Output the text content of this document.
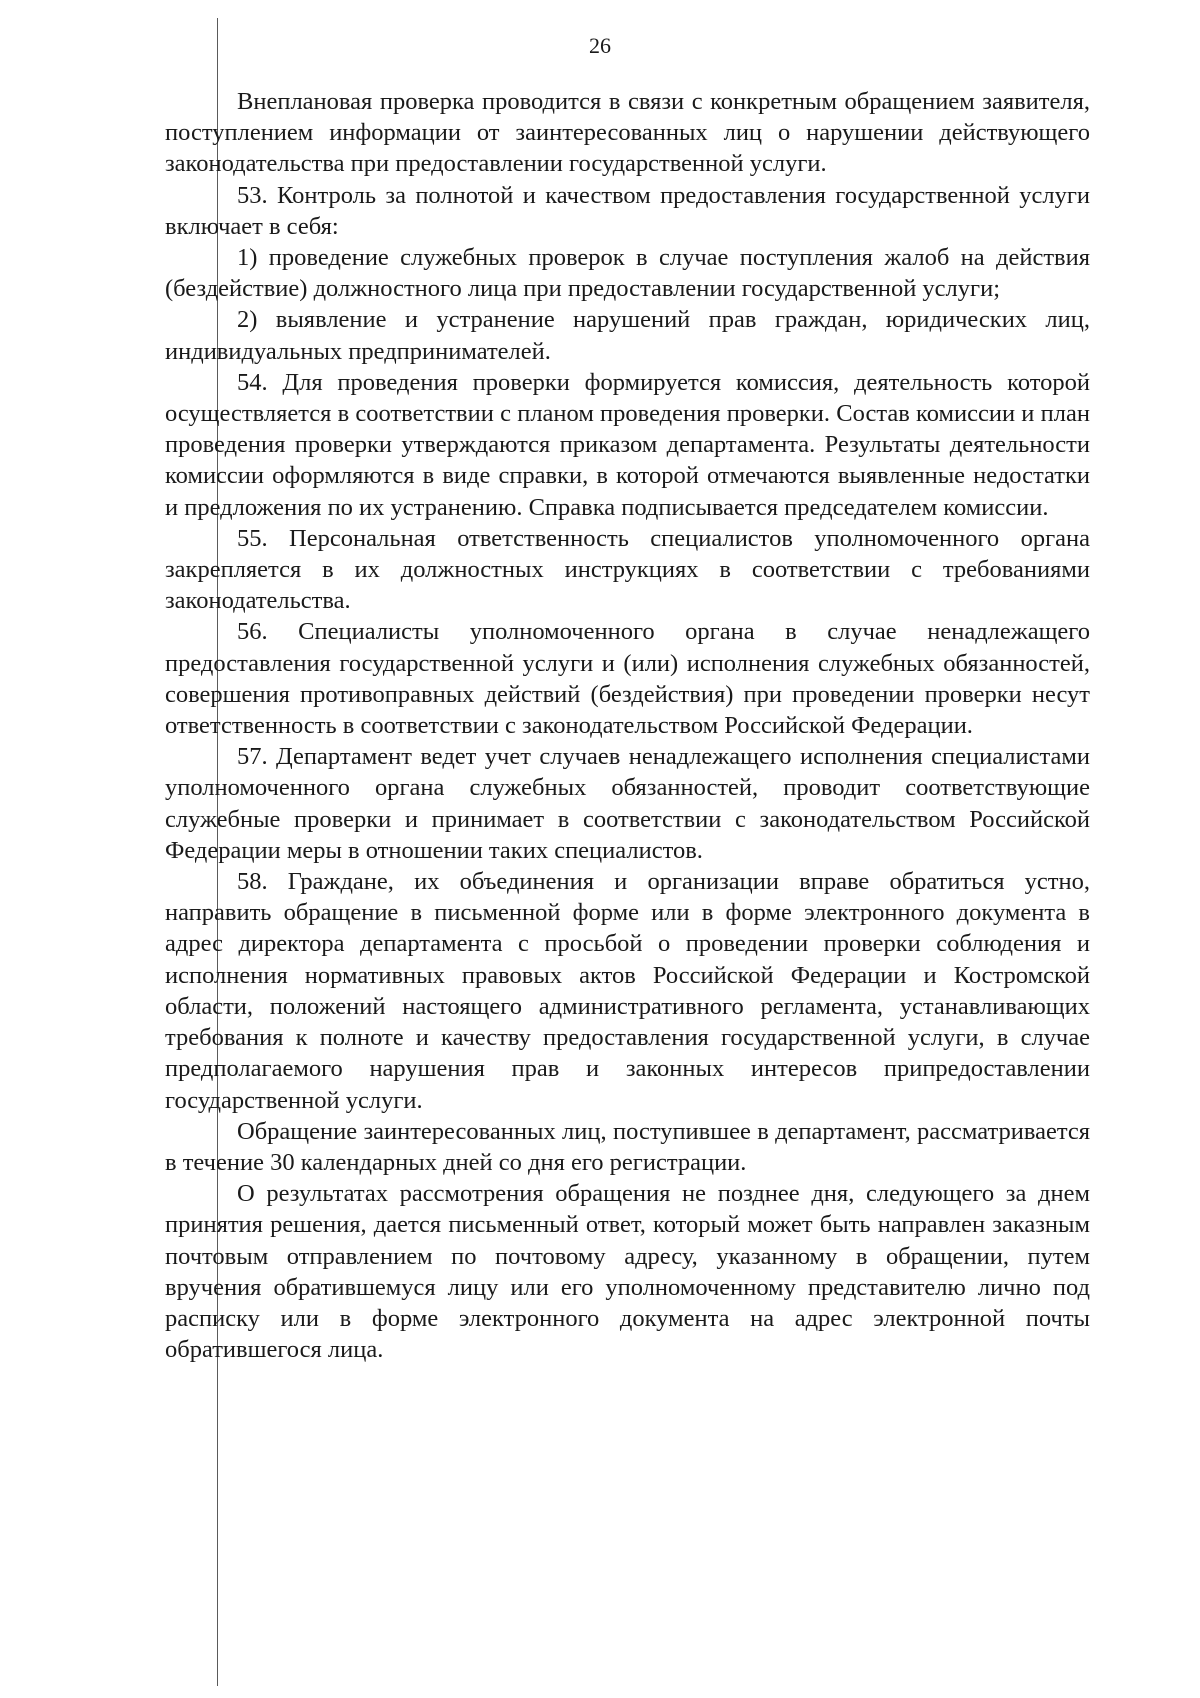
26

Внеплановая проверка проводится в связи с конкретным обращением заявителя, поступлением информации от заинтересованных лиц о нарушении действующего законодательства при предоставлении государственной услуги.

53. Контроль за полнотой и качеством предоставления государственной услуги включает в себя:

1) проведение служебных проверок в случае поступления жалоб на действия (бездействие) должностного лица при предоставлении государственной услуги;

2) выявление и устранение нарушений прав граждан, юридических лиц, индивидуальных предпринимателей.

54. Для проведения проверки формируется комиссия, деятельность которой осуществляется в соответствии с планом проведения проверки. Состав комиссии и план проведения проверки утверждаются приказом департамента. Результаты деятельности комиссии оформляются в виде справки, в которой отмечаются выявленные недостатки и предложения по их устранению. Справка подписывается председателем комиссии.

55. Персональная ответственность специалистов уполномоченного органа закрепляется в их должностных инструкциях в соответствии с требованиями законодательства.

56. Специалисты уполномоченного органа в случае ненадлежащего предоставления государственной услуги и (или) исполнения служебных обязанностей, совершения противоправных действий (бездействия) при проведении проверки несут ответственность в соответствии с законодательством Российской Федерации.

57. Департамент ведет учет случаев ненадлежащего исполнения специалистами уполномоченного органа служебных обязанностей, проводит соответствующие служебные проверки и принимает в соответствии с законодательством Российской Федерации меры в отношении таких специалистов.

58. Граждане, их объединения и организации вправе обратиться устно, направить обращение в письменной форме или в форме электронного документа в адрес директора департамента с просьбой о проведении проверки соблюдения и исполнения нормативных правовых актов Российской Федерации и Костромской области, положений настоящего административного регламента, устанавливающих требования к полноте и качеству предоставления государственной услуги, в случае предполагаемого нарушения прав и законных интересов припредоставлении государственной услуги.

Обращение заинтересованных лиц, поступившее в департамент, рассматривается в течение 30 календарных дней со дня его регистрации.

О результатах рассмотрения обращения не позднее дня, следующего за днем принятия решения, дается письменный ответ, который может быть направлен заказным почтовым отправлением по почтовому адресу, указанному в обращении, путем вручения обратившемуся лицу или его уполномоченному представителю лично под расписку или в форме электронного документа на адрес электронной почты обратившегося лица.
